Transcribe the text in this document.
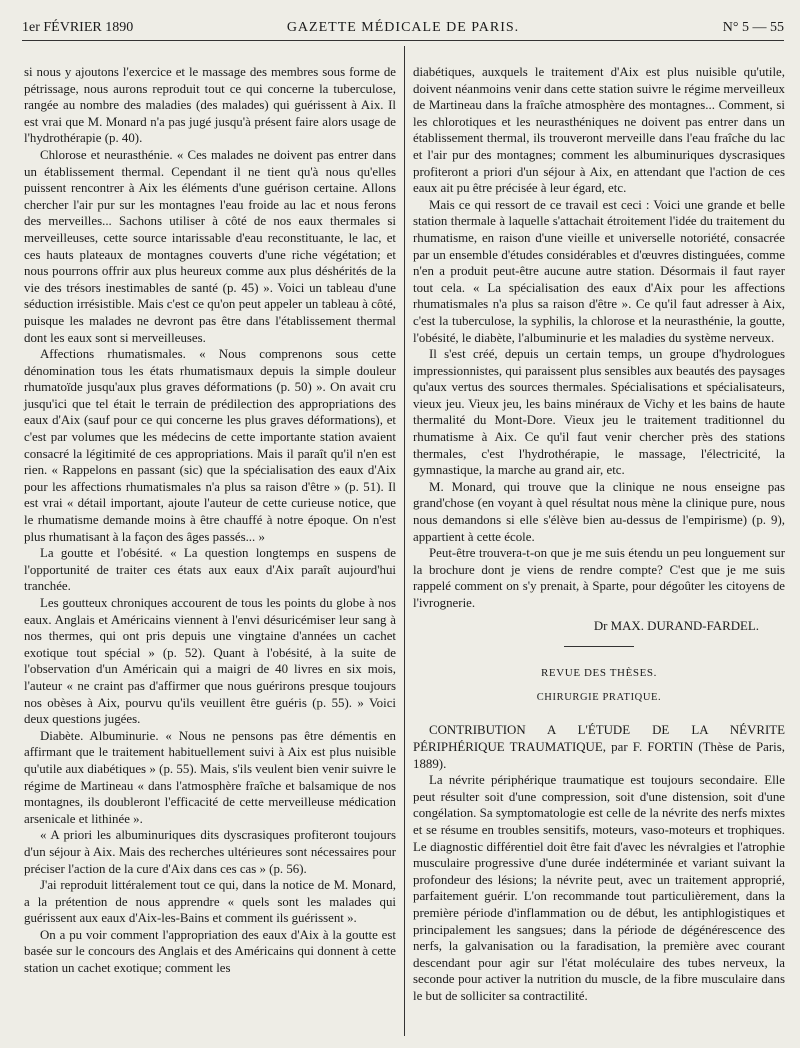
1er FÉVRIER 1890	GAZETTE MÉDICALE DE PARIS.	N° 5 — 55

si nous y ajoutons l'exercice et le massage des membres sous forme de pétrissage, nous aurons reproduit tout ce qui concerne la tuberculose, rangée au nombre des maladies (des malades) qui guérissent à Aix. Il est vrai que M. Monard n'a pas jugé jusqu'à présent faire alors usage de l'hydrothérapie (p. 40).

Chlorose et neurasthénie. « Ces malades ne doivent pas entrer dans un établissement thermal. Cependant il ne tient qu'à nous qu'elles puissent rencontrer à Aix les éléments d'une guérison certaine. Allons chercher l'air pur sur les montagnes l'eau froide au lac et nous ferons des merveilles... Sachons utiliser à côté de nos eaux thermales si merveilleuses, cette source intarissable d'eau reconstituante, le lac, et ces hauts plateaux de montagnes couverts d'une riche végétation; et nous pourrons offrir aux plus heureux comme aux plus déshérités de la vie des trésors inestimables de santé (p. 45) ». Voici un tableau d'une séduction irrésistible. Mais c'est ce qu'on peut appeler un tableau à côté, puisque les malades ne devront pas être dans l'établissement thermal dont les eaux sont si merveilleuses.

Affections rhumatismales. « Nous comprenons sous cette dénomination tous les états rhumatismaux depuis la simple douleur rhumatoïde jusqu'aux plus graves déformations (p. 50) ». On avait cru jusqu'ici que tel était le terrain de prédilection des appropriations des eaux d'Aix (sauf pour ce qui concerne les plus graves déformations), et c'est par volumes que les médecins de cette importante station avaient consacré la légitimité de ces appropriations. Mais il paraît qu'il n'en est rien. « Rappelons en passant (sic) que la spécialisation des eaux d'Aix pour les affections rhumatismales n'a plus sa raison d'être » (p. 51). Il est vrai « détail important, ajoute l'auteur de cette curieuse notice, que le rhumatisme demande moins à être chauffé à notre époque. On n'est plus rhumatisant à la façon des âges passés... »

La goutte et l'obésité. « La question longtemps en suspens de l'opportunité de traiter ces états aux eaux d'Aix paraît aujourd'hui tranchée.

Les goutteux chroniques accourent de tous les points du globe à nos eaux. Anglais et Américains viennent à l'envi désuricémiser leur sang à nos thermes, qui ont pris depuis une vingtaine d'années un cachet exotique tout spécial » (p. 52). Quant à l'obésité, à la suite de l'observation d'un Américain qui a maigri de 40 livres en six mois, l'auteur « ne craint pas d'affirmer que nous guérirons presque toujours nos obèses à Aix, pourvu qu'ils veuillent être guéris (p. 55). » Voici deux questions jugées.

Diabète. Albuminurie. « Nous ne pensons pas être démentis en affirmant que le traitement habituellement suivi à Aix est plus nuisible qu'utile aux diabétiques » (p. 55). Mais, s'ils veulent bien venir suivre le régime de Martineau « dans l'atmosphère fraîche et balsamique de nos montagnes, ils doubleront l'efficacité de cette merveilleuse médication arsenicale et lithinée ».

« A priori les albuminuriques dits dyscrasiques profiteront toujours d'un séjour à Aix. Mais des recherches ultérieures sont nécessaires pour préciser l'action de la cure d'Aix dans ces cas » (p. 56).

J'ai reproduit littéralement tout ce qui, dans la notice de M. Monard, a la prétention de nous apprendre « quels sont les malades qui guérissent aux eaux d'Aix-les-Bains et comment ils guérissent ».

On a pu voir comment l'appropriation des eaux d'Aix à la goutte est basée sur le concours des Anglais et des Américains qui donnent à cette station un cachet exotique; comment les

diabétiques, auxquels le traitement d'Aix est plus nuisible qu'utile, doivent néanmoins venir dans cette station suivre le régime merveilleux de Martineau dans la fraîche atmosphère des montagnes... Comment, si les chlorotiques et les neurasthéniques ne doivent pas entrer dans un établissement thermal, ils trouveront merveille dans l'eau fraîche du lac et l'air pur des montagnes; comment les albuminuriques dyscrasiques profiteront a priori d'un séjour à Aix, en attendant que l'action de ces eaux ait pu être précisée à leur égard, etc.

Mais ce qui ressort de ce travail est ceci : Voici une grande et belle station thermale à laquelle s'attachait étroitement l'idée du traitement du rhumatisme, en raison d'une vieille et universelle notoriété, consacrée par un ensemble d'études considérables et d'œuvres distinguées, comme n'en a produit peut-être aucune autre station. Désormais il faut rayer tout cela. « La spécialisation des eaux d'Aix pour les affections rhumatismales n'a plus sa raison d'être ». Ce qu'il faut adresser à Aix, c'est la tuberculose, la syphilis, la chlorose et la neurasthénie, la goutte, l'obésité, le diabète, l'albuminurie et les maladies du système nerveux.

Il s'est créé, depuis un certain temps, un groupe d'hydrologues impressionnistes, qui paraissent plus sensibles aux beautés des paysages qu'aux vertus des sources thermales. Spécialisations et spécialisateurs, vieux jeu. Vieux jeu, les bains minéraux de Vichy et les bains de haute thermalité du Mont-Dore. Vieux jeu le traitement traditionnel du rhumatisme à Aix. Ce qu'il faut venir chercher près des stations thermales, c'est l'hydrothérapie, le massage, l'électricité, la gymnastique, la marche au grand air, etc.

M. Monard, qui trouve que la clinique ne nous enseigne pas grand'chose (en voyant à quel résultat nous mène la clinique pure, nous nous demandons si elle s'élève bien au-dessus de l'empirisme) (p. 9), appartient à cette école.

Peut-être trouvera-t-on que je me suis étendu un peu longuement sur la brochure dont je viens de rendre compte? C'est que je me suis rappelé comment on s'y prenait, à Sparte, pour dégoûter les citoyens de l'ivrognerie.

Dr MAX. DURAND-FARDEL.
REVUE DES THÈSES.
CHIRURGIE PRATIQUE.

CONTRIBUTION A L'ÉTUDE DE LA NÉVRITE PÉRIPHÉRIQUE TRAUMATIQUE, par F. FORTIN (Thèse de Paris, 1889).

La névrite périphérique traumatique est toujours secondaire. Elle peut résulter soit d'une compression, soit d'une distension, soit d'une congélation. Sa symptomatologie est celle de la névrite des nerfs mixtes et se résume en troubles sensitifs, moteurs, vaso-moteurs et trophiques. Le diagnostic différentiel doit être fait d'avec les névralgies et l'atrophie musculaire progressive d'une durée indéterminée et variant suivant la profondeur des lésions; la névrite peut, avec un traitement approprié, parfaitement guérir. L'on recommande tout particulièrement, dans la première période d'inflammation ou de début, les antiphlogistiques et principalement les sangsues; dans la période de dégénérescence des nerfs, la galvanisation ou la faradisation, la première avec courant descendant pour agir sur l'état moléculaire des tubes nerveux, la seconde pour activer la nutrition du muscle, de la fibre musculaire dans le but de solliciter sa contractilité.
